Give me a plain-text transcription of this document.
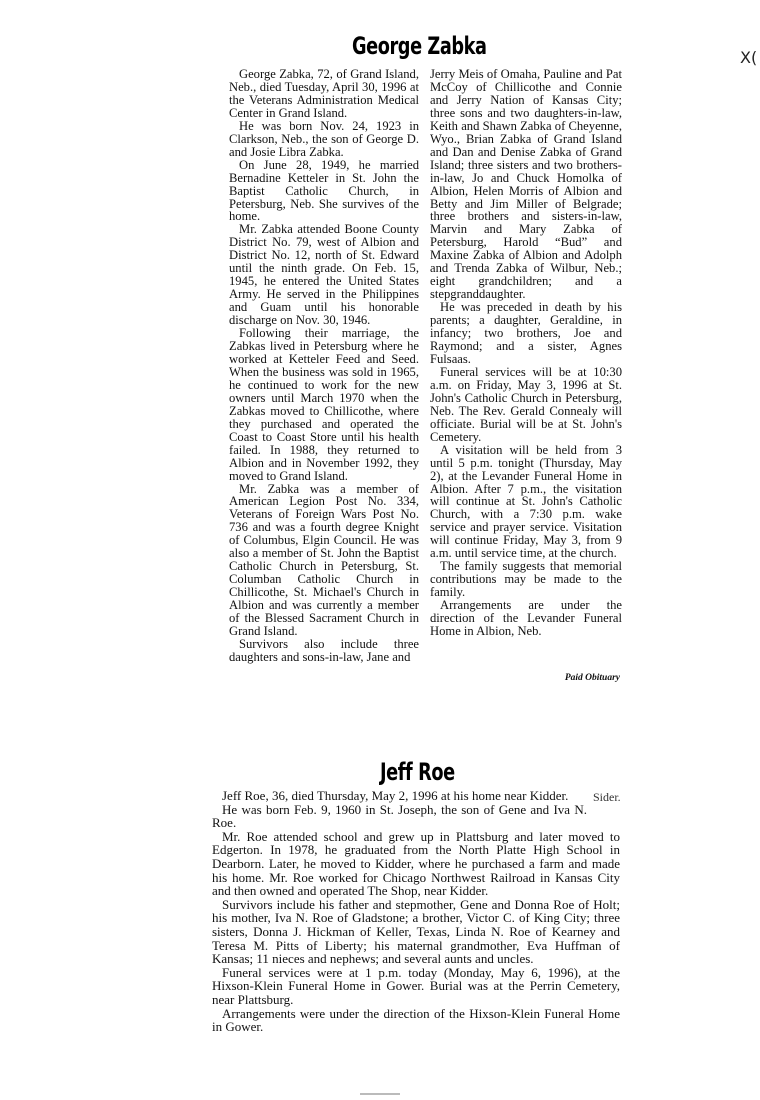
X(
George Zabka

George Zabka, 72, of Grand Island, Neb., died Tuesday, April 30, 1996 at the Veterans Administration Medical Center in Grand Island.

He was born Nov. 24, 1923 in Clarkson, Neb., the son of George D. and Josie Libra Zabka.

On June 28, 1949, he married Bernadine Ketteler in St. John the Baptist Catholic Church, in Petersburg, Neb. She survives of the home.

Mr. Zabka attended Boone County District No. 79, west of Albion and District No. 12, north of St. Edward until the ninth grade. On Feb. 15, 1945, he entered the United States Army. He served in the Philippines and Guam until his honorable discharge on Nov. 30, 1946.

Following their marriage, the Zabkas lived in Petersburg where he worked at Ketteler Feed and Seed. When the business was sold in 1965, he continued to work for the new owners until March 1970 when the Zabkas moved to Chillicothe, where they purchased and operated the Coast to Coast Store until his health failed. In 1988, they returned to Albion and in November 1992, they moved to Grand Island.

Mr. Zabka was a member of American Legion Post No. 334, Veterans of Foreign Wars Post No. 736 and was a fourth degree Knight of Columbus, Elgin Council. He was also a member of St. John the Baptist Catholic Church in Petersburg, St. Columban Catholic Church in Chillicothe, St. Michael's Church in Albion and was currently a member of the Blessed Sacrament Church in Grand Island.

Survivors also include three daughters and sons-in-law, Jane and

Jerry Meis of Omaha, Pauline and Pat McCoy of Chillicothe and Connie and Jerry Nation of Kansas City; three sons and two daughters-in-law, Keith and Shawn Zabka of Cheyenne, Wyo., Brian Zabka of Grand Island and Dan and Denise Zabka of Grand Island; three sisters and two brothers-in-law, Jo and Chuck Homolka of Albion, Helen Morris of Albion and Betty and Jim Miller of Belgrade; three brothers and sisters-in-law, Marvin and Mary Zabka of Petersburg, Harold “Bud” and Maxine Zabka of Albion and Adolph and Trenda Zabka of Wilbur, Neb.; eight grandchildren; and a stepgranddaughter.

He was preceded in death by his parents; a daughter, Geraldine, in infancy; two brothers, Joe and Raymond; and a sister, Agnes Fulsaas.

Funeral services will be at 10:30 a.m. on Friday, May 3, 1996 at St. John's Catholic Church in Petersburg, Neb. The Rev. Gerald Connealy will officiate. Burial will be at St. John's Cemetery.

A visitation will be held from 3 until 5 p.m. tonight (Thursday, May 2), at the Levander Funeral Home in Albion. After 7 p.m., the visitation will continue at St. John's Catholic Church, with a 7:30 p.m. wake service and prayer service. Visitation will continue Friday, May 3, from 9 a.m. until service time, at the church.

The family suggests that memorial contributions may be made to the family.

Arrangements are under the direction of the Levander Funeral Home in Albion, Neb.

Paid Obituary
Jeff Roe
Sider.

Jeff Roe, 36, died Thursday, May 2, 1996 at his home near Kidder.

He was born Feb. 9, 1960 in St. Joseph, the son of Gene and Iva N. Roe.

Mr. Roe attended school and grew up in Plattsburg and later moved to Edgerton. In 1978, he graduated from the North Platte High School in Dearborn. Later, he moved to Kidder, where he purchased a farm and made his home. Mr. Roe worked for Chicago Northwest Railroad in Kansas City and then owned and operated The Shop, near Kidder.

Survivors include his father and stepmother, Gene and Donna Roe of Holt; his mother, Iva N. Roe of Gladstone; a brother, Victor C. of King City; three sisters, Donna J. Hickman of Keller, Texas, Linda N. Roe of Kearney and Teresa M. Pitts of Liberty; his maternal grandmother, Eva Huffman of Kansas; 11 nieces and nephews; and several aunts and uncles.

Funeral services were at 1 p.m. today (Monday, May 6, 1996), at the Hixson-Klein Funeral Home in Gower. Burial was at the Perrin Cemetery, near Plattsburg.

Arrangements were under the direction of the Hixson-Klein Funeral Home in Gower.
